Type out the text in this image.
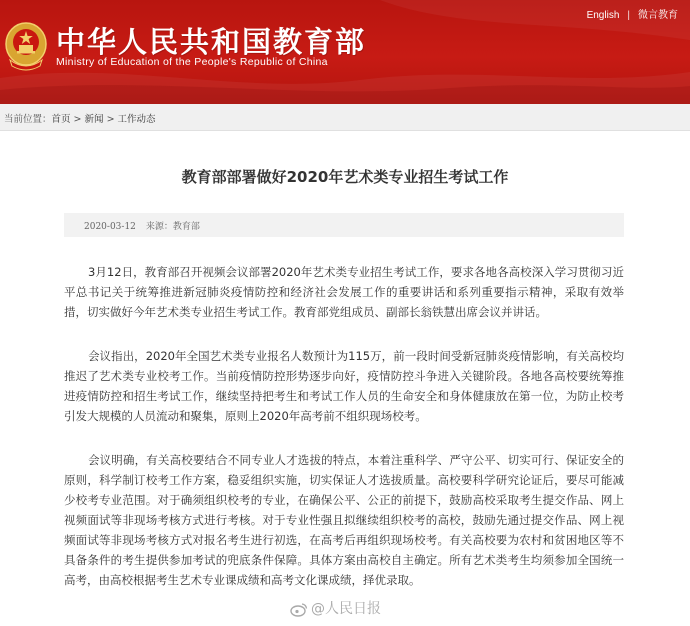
中华人民共和国教育部
Ministry of Education of the People's Republic of China
English | 微言教育
当前位置：首页 > 新闻 > 工作动态
教育部部署做好2020年艺术类专业招生考试工作
2020-03-12 来源：教育部

3月12日，教育部召开视频会议部署2020年艺术类专业招生考试工作，要求各地各高校深入学习贯彻习近平总书记关于统筹推进新冠肺炎疫情防控和经济社会发展工作的重要讲话和系列重要指示精神，采取有效举措，切实做好今年艺术类专业招生考试工作。教育部党组成员、副部长翁铁慧出席会议并讲话。

会议指出，2020年全国艺术类专业报名人数预计为115万，前一段时间受新冠肺炎疫情影响，有关高校均推迟了艺术类专业校考工作。当前疫情防控形势逐步向好，疫情防控斗争进入关键阶段。各地各高校要统筹推进疫情防控和招生考试工作，继续坚持把考生和考试工作人员的生命安全和身体健康放在第一位，为防止校考引发大规模的人员流动和聚集，原则上2020年高考前不组织现场校考。

会议明确，有关高校要结合不同专业人才选拔的特点，本着注重科学、严守公平、切实可行、保证安全的原则，科学制订校考工作方案，稳妥组织实施，切实保证人才选拔质量。高校要科学研究论证后，要尽可能减少校考专业范围。对于确须组织校考的专业，在确保公平、公正的前提下，鼓励高校采取考生提交作品、网上视频面试等非现场考核方式进行考核。对于专业性强且拟继续组织校考的高校，鼓励先通过提交作品、网上视频面试等非现场考核方式对报名考生进行初选，在高考后再组织现场校考。有关高校要为农村和贫困地区等不具备条件的考生提供参加考试的兜底条件保障。具体方案由高校自主确定。所有艺术类考生均须参加全国统一高考，由高校根据考生艺术专业课成绩和高考文化课成绩，择优录取。

@人民日报
